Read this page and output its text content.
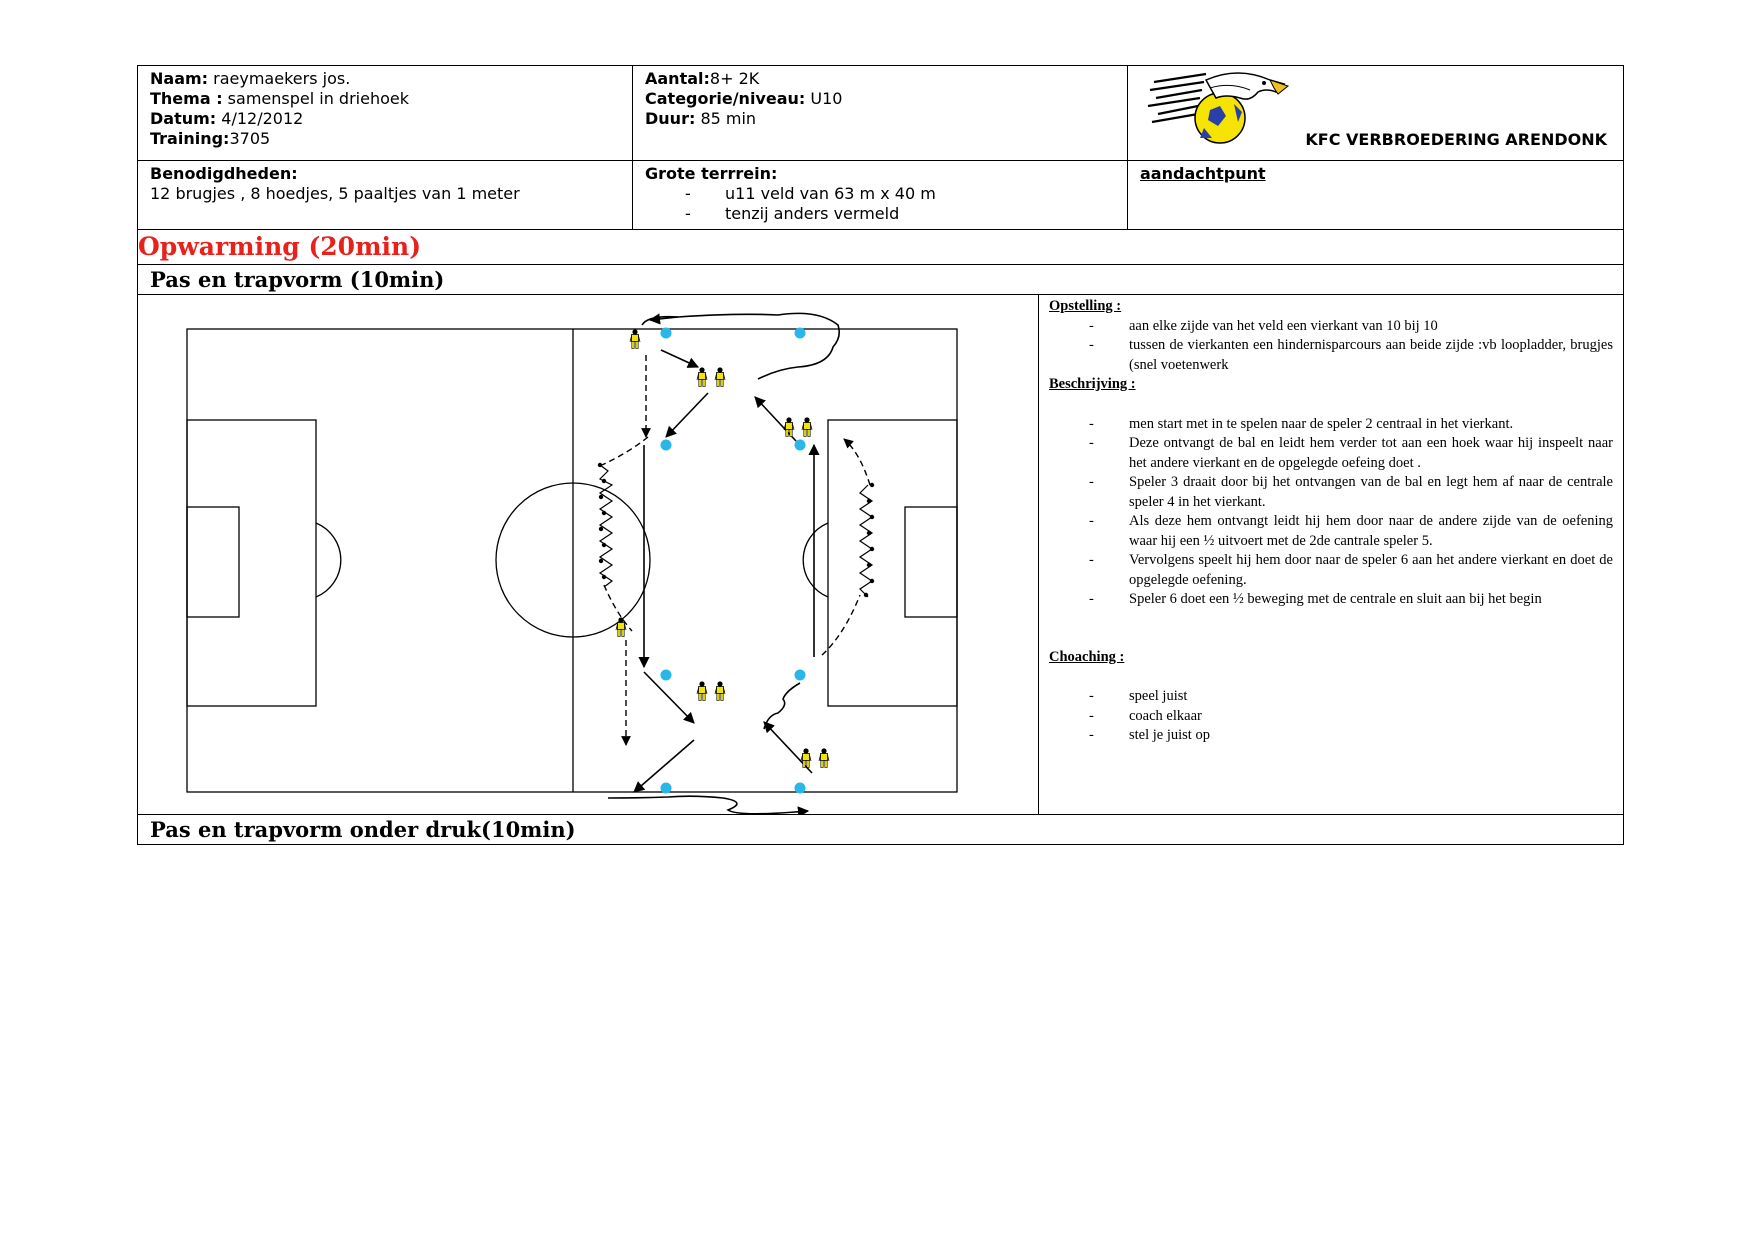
Naam: raeymaekers jos.
Thema : samenspel in driehoek
Datum: 4/12/2012
Training:3705
Aantal:8+ 2K
Categorie/niveau: U10
Duur: 85 min
KFC VERBROEDERING ARENDONK
Benodigdheden:
12 brugjes , 8 hoedjes, 5 paaltjes van 1 meter
Grote terrrein:
- u11 veld van 63 m x 40 m
- tenzij anders vermeld
aandachtpunt
Opwarming (20min)
Pas en trapvorm (10min)
Opstelling :
- aan elke zijde van het veld een vierkant van 10 bij 10
- tussen de vierkanten een hindernisparcours aan beide zijde :vb loopladder, brugjes (snel voetenwerk
Beschrijving :
- men start met in te spelen naar de speler 2 centraal in het vierkant.
- Deze ontvangt de bal en leidt hem verder tot aan een hoek waar hij inspeelt naar het andere vierkant en de opgelegde oefeing doet .
- Speler 3 draait door bij het ontvangen van de bal en legt hem af naar de centrale speler 4 in het vierkant.
- Als deze hem ontvangt leidt hij hem door naar de andere zijde van de oefening waar hij een ½ uitvoert met de 2de cantrale speler 5.
- Vervolgens speelt hij hem door naar de speler 6 aan het andere vierkant en doet de opgelegde oefening.
- Speler 6 doet een ½ beweging met de centrale en sluit aan bij het begin
Choaching :
- speel juist
- coach elkaar
- stel je juist op
Pas en trapvorm onder druk(10min)
